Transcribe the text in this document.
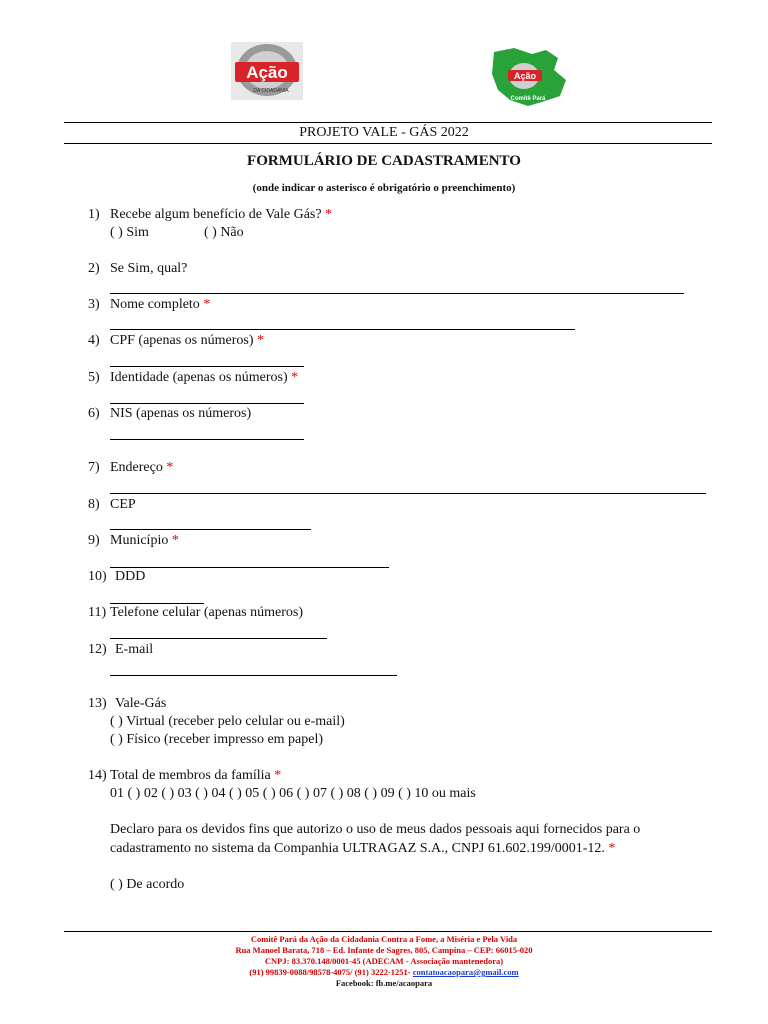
Ação
DA CIDADANIA
Ação
Comitê Pará
PROJETO VALE - GÁS 2022
FORMULÁRIO DE CADASTRAMENTO
(onde indicar o asterisco é obrigatório o preenchimento)
1) Recebe algum benefício de Vale Gás? *
( ) Sim	( ) Não
2) Se Sim, qual?
3) Nome completo *
4) CPF (apenas os números) *
5) Identidade (apenas os números) *
6) NIS (apenas os números)
7) Endereço *
8) CEP
9) Município *
10) DDD
11) Telefone celular (apenas números)
12) E-mail
13) Vale-Gás
( ) Virtual (receber pelo celular ou e-mail)
( ) Físico (receber impresso em papel)
14) Total de membros da família *
01 ( ) 02 ( ) 03 ( ) 04 ( ) 05 ( ) 06 ( ) 07 ( ) 08 ( ) 09 ( ) 10 ou mais
Declaro para os devidos fins que autorizo o uso de meus dados pessoais aqui fornecidos para o
cadastramento no sistema da Companhia ULTRAGAZ S.A., CNPJ 61.602.199/0001-12. *
( ) De acordo
Comitê Pará da Ação da Cidadania Contra a Fome, a Miséria e Pela Vida
Rua Manoel Barata, 718 – Ed. Infante de Sagres, 805, Campina – CEP: 66015-020
CNPJ: 83.370.148/0001-45 (ADECAM - Associação mantenedora)
(91) 99839-0088/98578-4075/ (91) 3222-1251- contatoacaopara@gmail.com
Facebook: fb.me/acaopara
